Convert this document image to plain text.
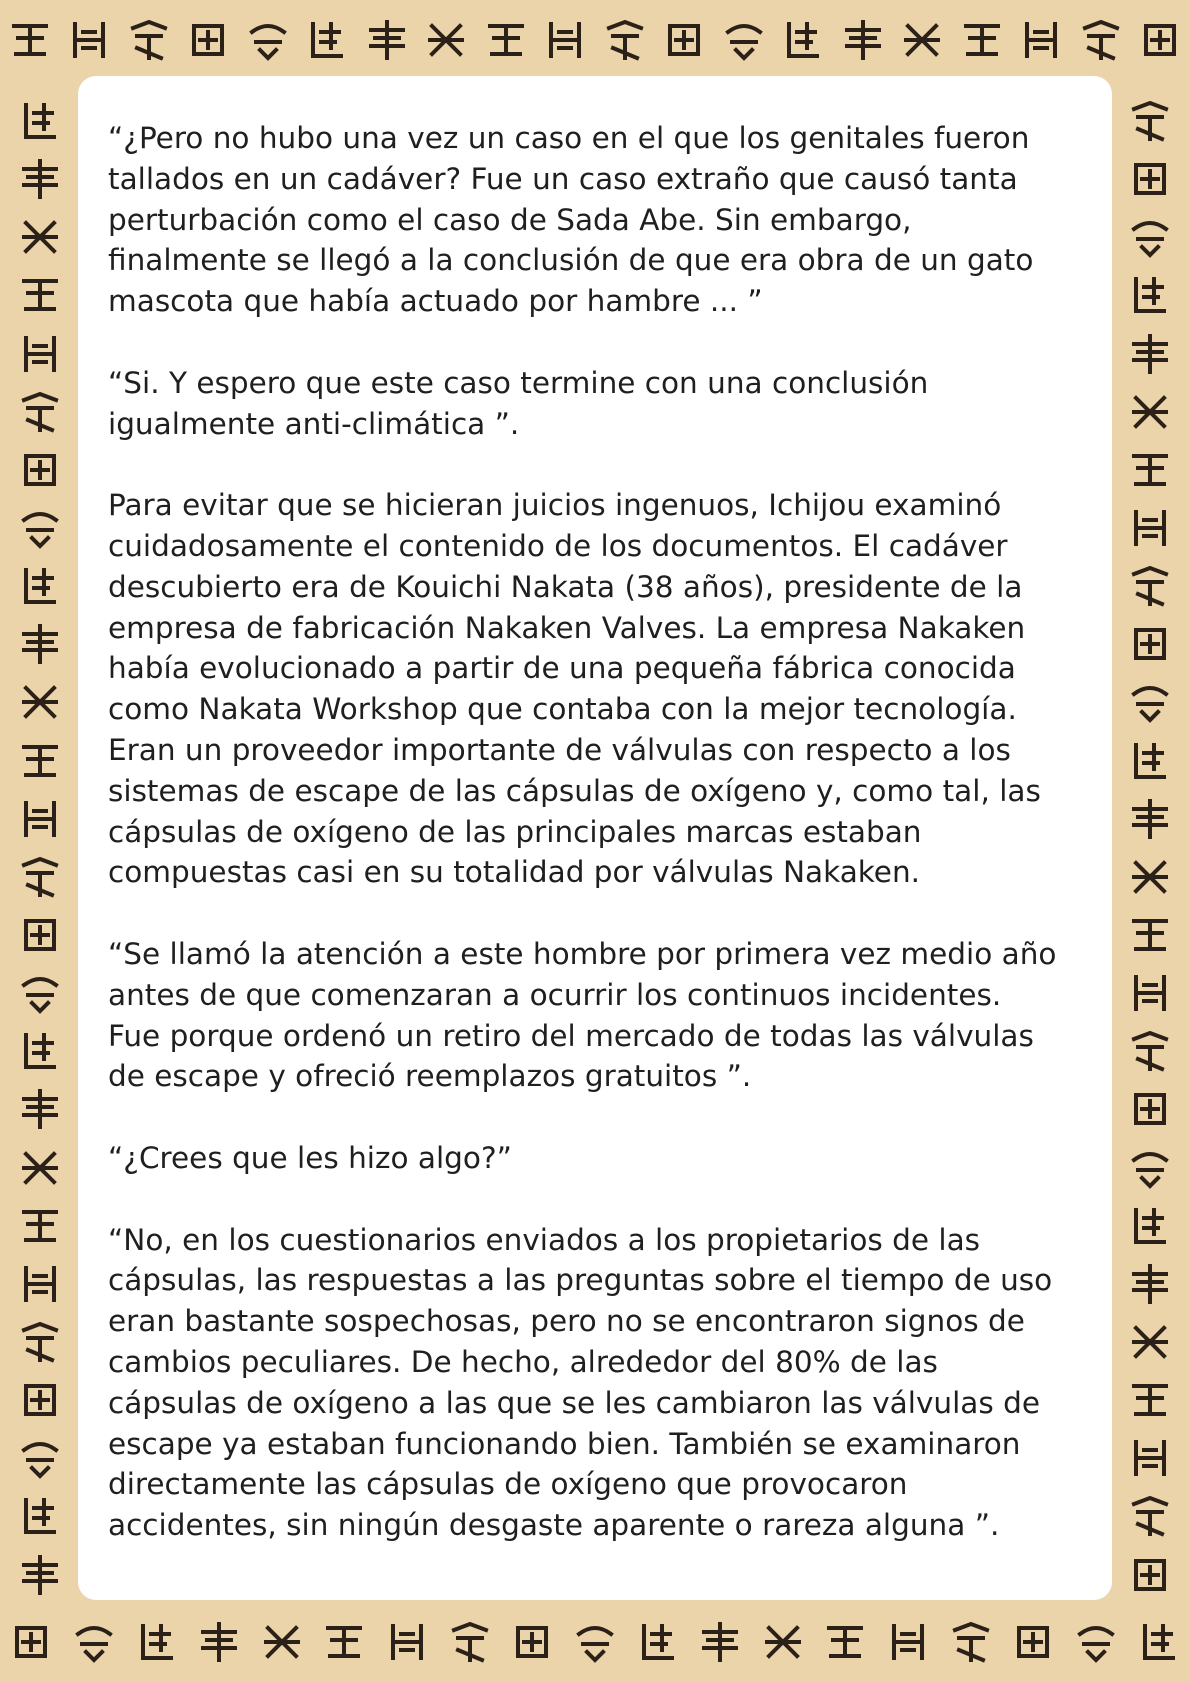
“¿Pero no hubo una vez un caso en el que los genitales fueron
tallados en un cadáver? Fue un caso extraño que causó tanta
perturbación como el caso de Sada Abe. Sin embargo,
finalmente se llegó a la conclusión de que era obra de un gato
mascota que había actuado por hambre ... ”

“Si. Y espero que este caso termine con una conclusión
igualmente anti-climática ”.

Para evitar que se hicieran juicios ingenuos, Ichijou examinó
cuidadosamente el contenido de los documentos. El cadáver
descubierto era de Kouichi Nakata (38 años), presidente de la
empresa de fabricación Nakaken Valves. La empresa Nakaken
había evolucionado a partir de una pequeña fábrica conocida
como Nakata Workshop que contaba con la mejor tecnología.
Eran un proveedor importante de válvulas con respecto a los
sistemas de escape de las cápsulas de oxígeno y, como tal, las
cápsulas de oxígeno de las principales marcas estaban
compuestas casi en su totalidad por válvulas Nakaken.

“Se llamó la atención a este hombre por primera vez medio año
antes de que comenzaran a ocurrir los continuos incidentes.
Fue porque ordenó un retiro del mercado de todas las válvulas
de escape y ofreció reemplazos gratuitos ”.

“¿Crees que les hizo algo?”

“No, en los cuestionarios enviados a los propietarios de las
cápsulas, las respuestas a las preguntas sobre el tiempo de uso
eran bastante sospechosas, pero no se encontraron signos de
cambios peculiares. De hecho, alrededor del 80% de las
cápsulas de oxígeno a las que se les cambiaron las válvulas de
escape ya estaban funcionando bien. También se examinaron
directamente las cápsulas de oxígeno que provocaron
accidentes, sin ningún desgaste aparente o rareza alguna ”.
